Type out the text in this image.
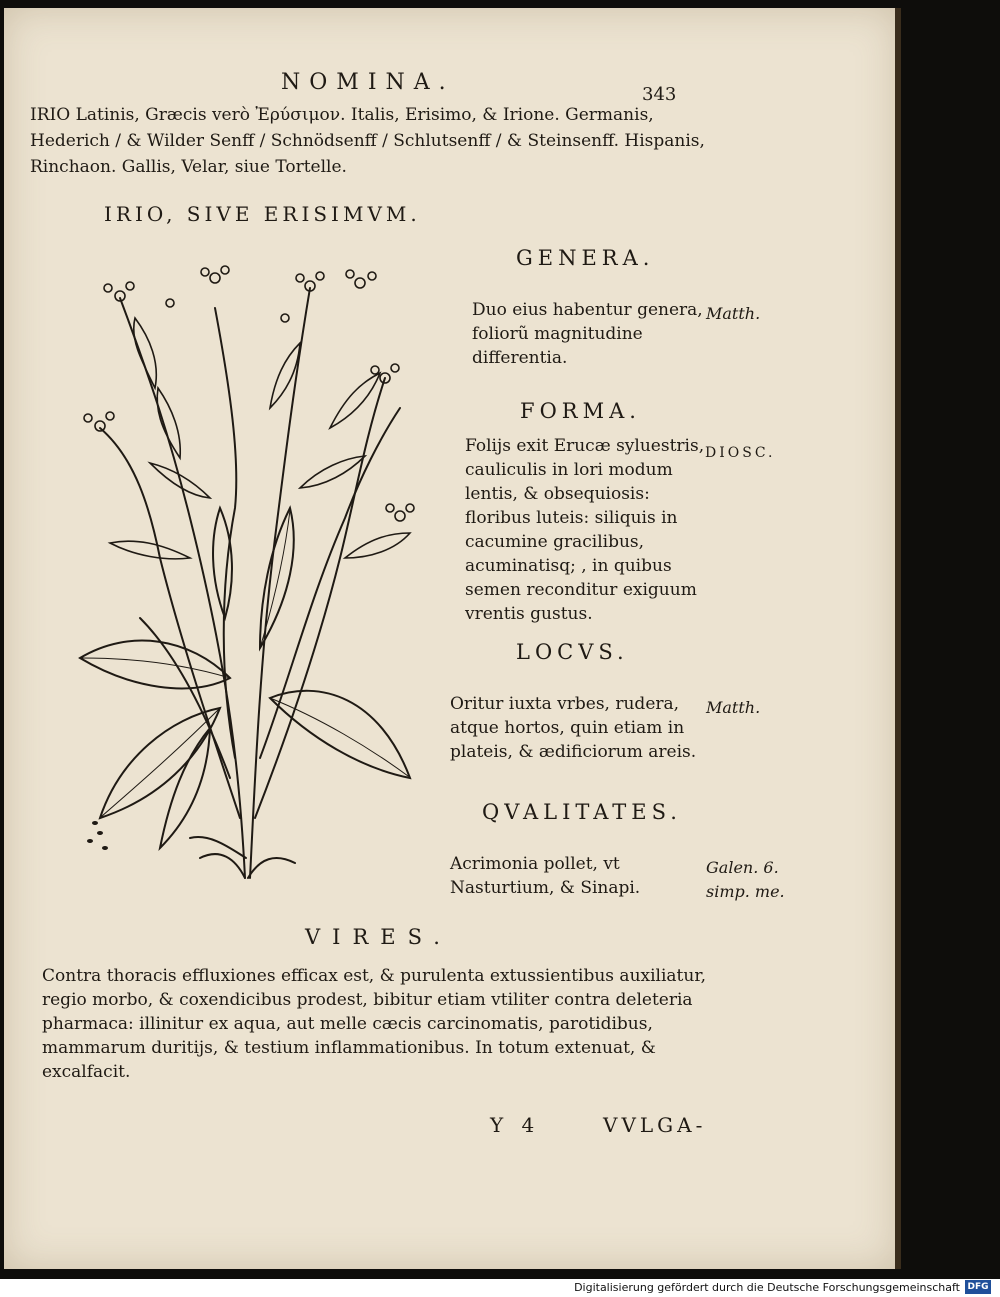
NOMINA.	343
IRIO Latinis, Græcis verò Ἐρύσιμον. Italis, Erisimo, & Irione. Germanis, Hederich / & Wilder Senff / Schnödsenff / Schlutsenff / & Steinsenff. Hispanis, Rinchaon. Gallis, Velar, siue Tortelle.
IRIO, SIVE ERISIMVM.
GENERA.
Duo eius habentur genera, foliorũ magnitudine differentia.
Matth.
FORMA.
Folijs exit Erucæ syluestris, cauliculis in lori modum lentis, & obsequiosis: floribus luteis: siliquis in cacumine gracilibus, acuminatisq; , in quibus semen reconditur exiguum vrentis gustus.
DIOSC.
LOCVS.
Oritur iuxta vrbes, rudera, atque hortos, quin etiam in plateis, & ædificiorum areis.
Matth.
QVALITATES.
Acrimonia pollet, vt Nasturtium, & Sinapi.
Galen. 6.
simp. me.
VIRES.
Contra thoracis effluxiones efficax est, & purulenta extussientibus auxiliatur, regio morbo, & coxendicibus prodest, bibitur etiam vtiliter contra deleteria pharmaca: illinitur ex aqua, aut melle cæcis carcinomatis, parotidibus, mammarum duritijs, & testium inflammationibus. In totum extenuat, & excalfacit.
Y 4	VVLGA-
Digitalisierung gefördert durch die Deutsche Forschungsgemeinschaft DFG
